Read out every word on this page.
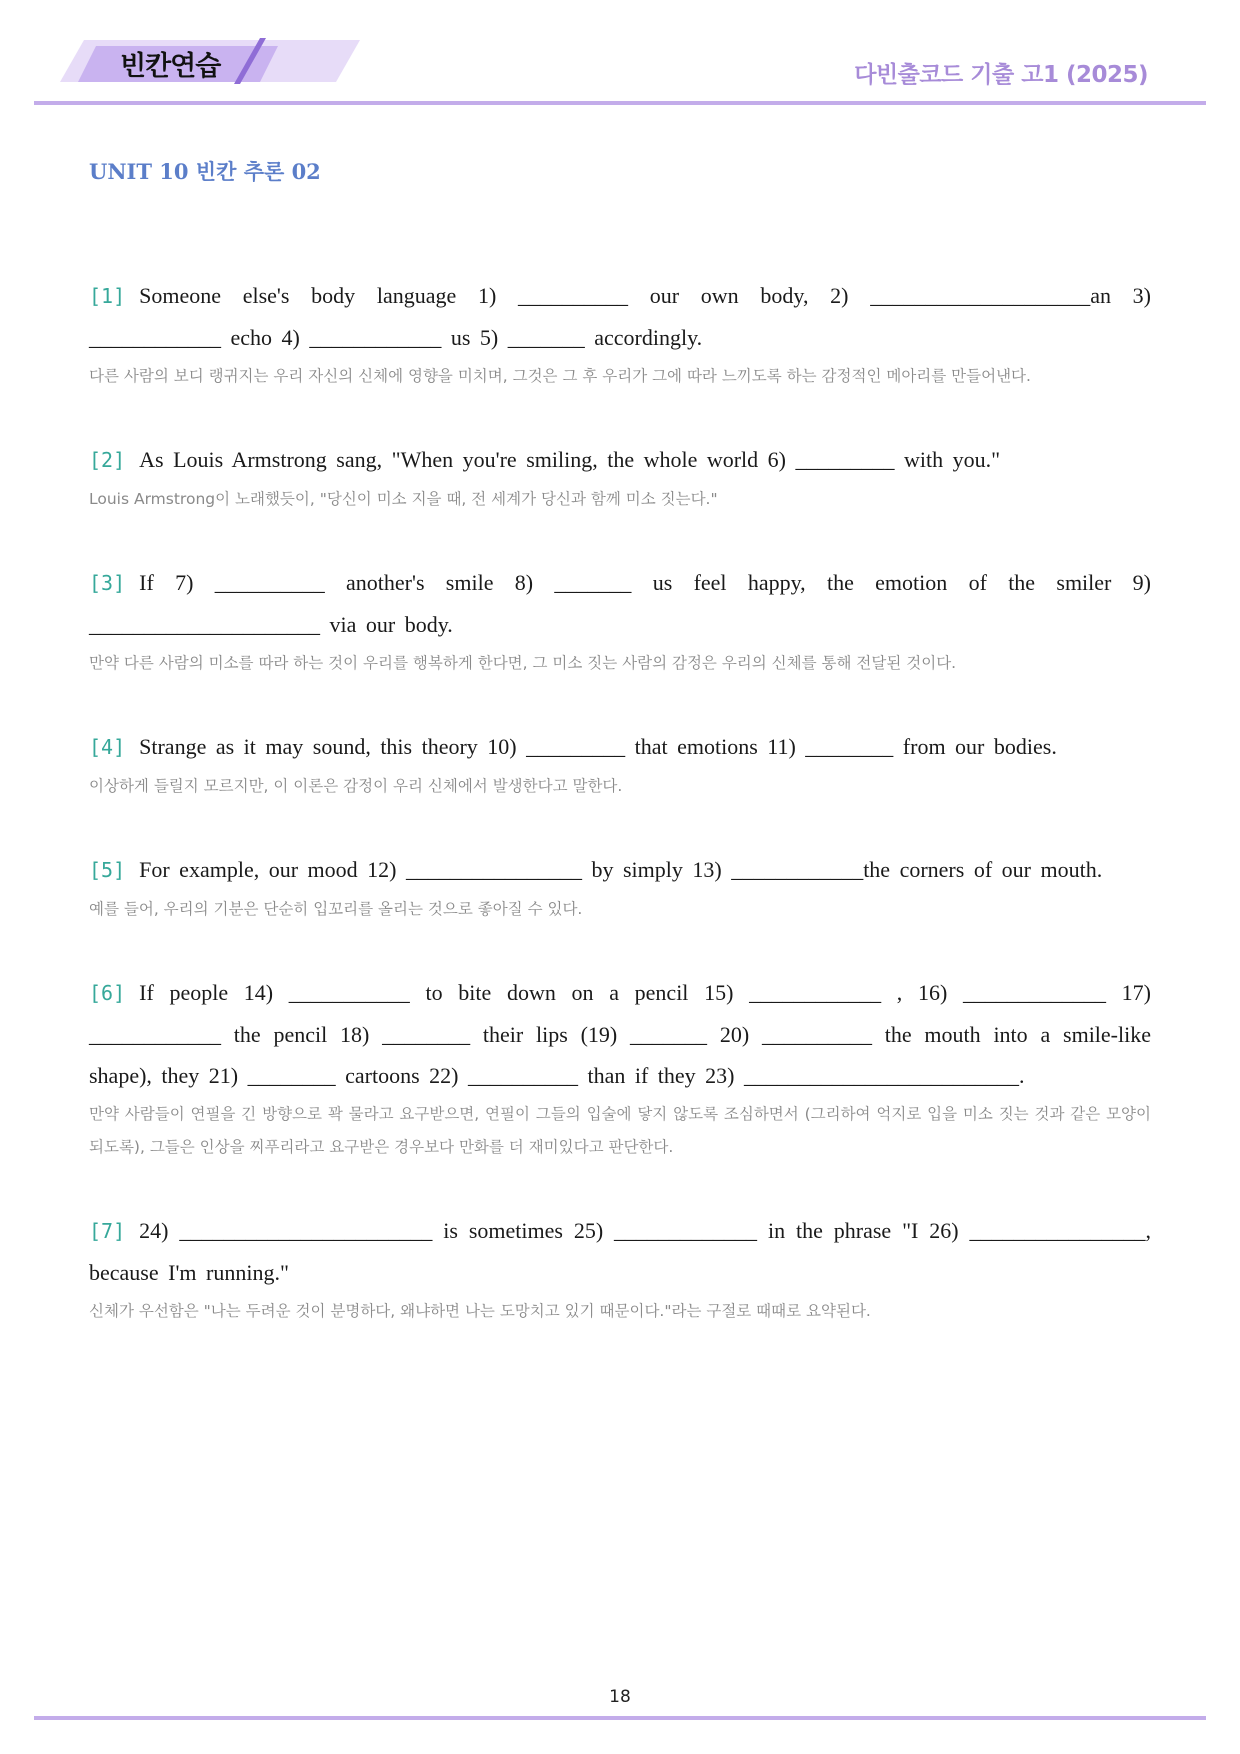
빈칸연습	다빈출코드 기출 고1 (2025)
UNIT 10 빈칸 추론 02

[1] Someone else's body language 1) __________ our own body, 2) ____________________an 3) ____________ echo 4) ____________ us 5) _______ accordingly.

다른 사람의 보디 랭귀지는 우리 자신의 신체에 영향을 미치며, 그것은 그 후 우리가 그에 따라 느끼도록 하는 감정적인 메아리를 만들어낸다.

[2] As Louis Armstrong sang, "When you're smiling, the whole world 6) _________ with you."

Louis Armstrong이 노래했듯이, "당신이 미소 지을 때, 전 세계가 당신과 함께 미소 짓는다."

[3] If 7) __________ another's smile 8) _______ us feel happy, the emotion of the smiler 9) _____________________ via our body.

만약 다른 사람의 미소를 따라 하는 것이 우리를 행복하게 한다면, 그 미소 짓는 사람의 감정은 우리의 신체를 통해 전달된 것이다.

[4] Strange as it may sound, this theory 10) _________ that emotions 11) ________ from our bodies.

이상하게 들릴지 모르지만, 이 이론은 감정이 우리 신체에서 발생한다고 말한다.

[5] For example, our mood 12) ________________ by simply 13) ____________the corners of our mouth.

예를 들어, 우리의 기분은 단순히 입꼬리를 올리는 것으로 좋아질 수 있다.

[6] If people 14) ___________ to bite down on a pencil 15) ____________ , 16) _____________ 17) ____________ the pencil 18) ________ their lips (19) _______ 20) __________ the mouth into a smile-like shape), they 21) ________ cartoons 22) __________ than if they 23) _________________________.

만약 사람들이 연필을 긴 방향으로 꽉 물라고 요구받으면, 연필이 그들의 입술에 닿지 않도록 조심하면서 (그리하여 억지로 입을 미소 짓는 것과 같은 모양이 되도록), 그들은 인상을 찌푸리라고 요구받은 경우보다 만화를 더 재미있다고 판단한다.

[7] 24) _______________________ is sometimes 25) _____________ in the phrase "I 26) ________________, because I'm running."

신체가 우선함은 "나는 두려운 것이 분명하다, 왜냐하면 나는 도망치고 있기 때문이다."라는 구절로 때때로 요약된다.

18
